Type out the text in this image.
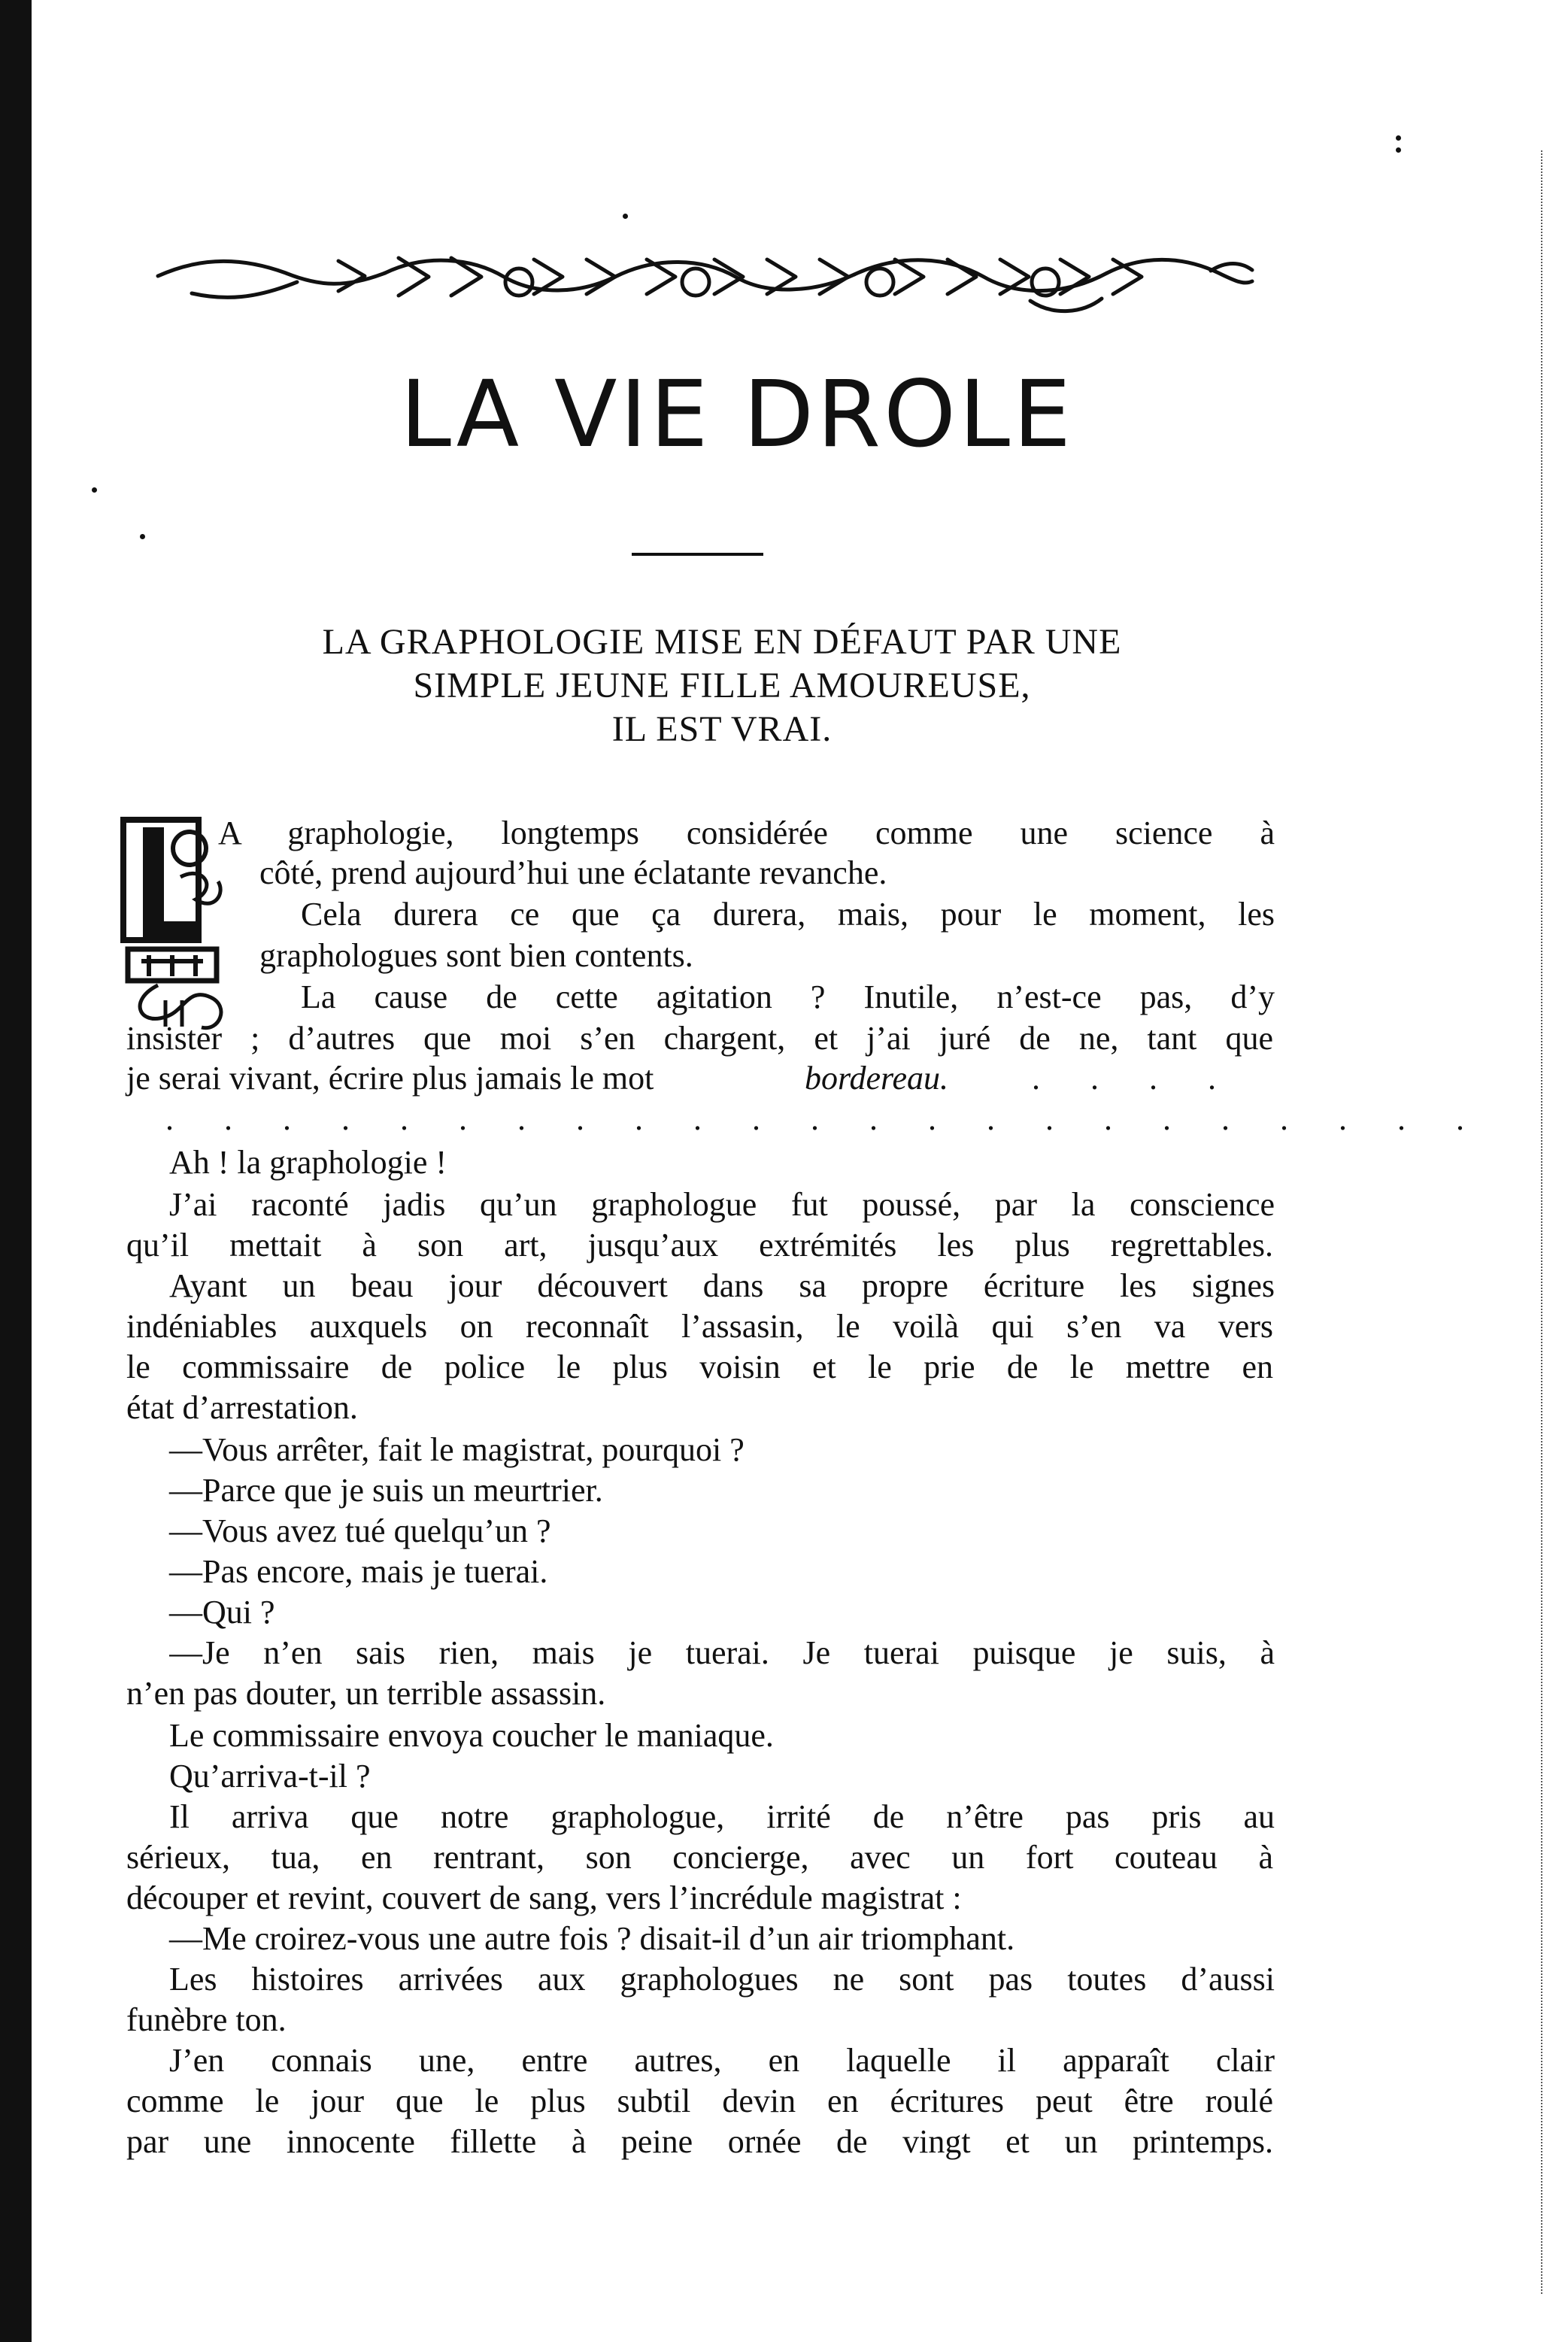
LA VIE DROLE
LA GRAPHOLOGIE MISE EN DÉFAUT PAR UNE
SIMPLE JEUNE FILLE AMOUREUSE,
IL EST VRAI.
L
A graphologie, longtemps considérée comme une science à
côté, prend aujourd’hui une éclatante revanche.
Cela durera ce que ça durera, mais, pour le moment, les
graphologues sont bien contents.
La cause de cette agitation ? Inutile, n’est-ce pas, d’y
insister ; d’autres que moi s’en chargent, et j’ai juré de ne, tant que
je serai vivant, écrire plus jamais le mot	bordereau.	. . . .
. . . . . . . . . . . . . . . . . . . . . . .
Ah ! la graphologie !
J’ai raconté jadis qu’un graphologue fut poussé, par la conscience
qu’il mettait à son art, jusqu’aux extrémités les plus regrettables.
Ayant un beau jour découvert dans sa propre écriture les signes
indéniables auxquels on reconnaît l’assasin, le voilà qui s’en va vers
le commissaire de police le plus voisin et le prie de le mettre en
état d’arrestation.
—Vous arrêter, fait le magistrat, pourquoi ?
—Parce que je suis un meurtrier.
—Vous avez tué quelqu’un ?
—Pas encore, mais je tuerai.
—Qui ?
—Je n’en sais rien, mais je tuerai. Je tuerai puisque je suis, à
n’en pas douter, un terrible assassin.
Le commissaire envoya coucher le maniaque.
Qu’arriva-t-il ?
Il arriva que notre graphologue, irrité de n’être pas pris au
sérieux, tua, en rentrant, son concierge, avec un fort couteau à
découper et revint, couvert de sang, vers l’incrédule magistrat :
—Me croirez-vous une autre fois ? disait-il d’un air triomphant.
Les histoires arrivées aux graphologues ne sont pas toutes d’aussi
funèbre ton.
J’en connais une, entre autres, en laquelle il apparaît clair
comme le jour que le plus subtil devin en écritures peut être roulé
par une innocente fillette à peine ornée de vingt et un printemps.
